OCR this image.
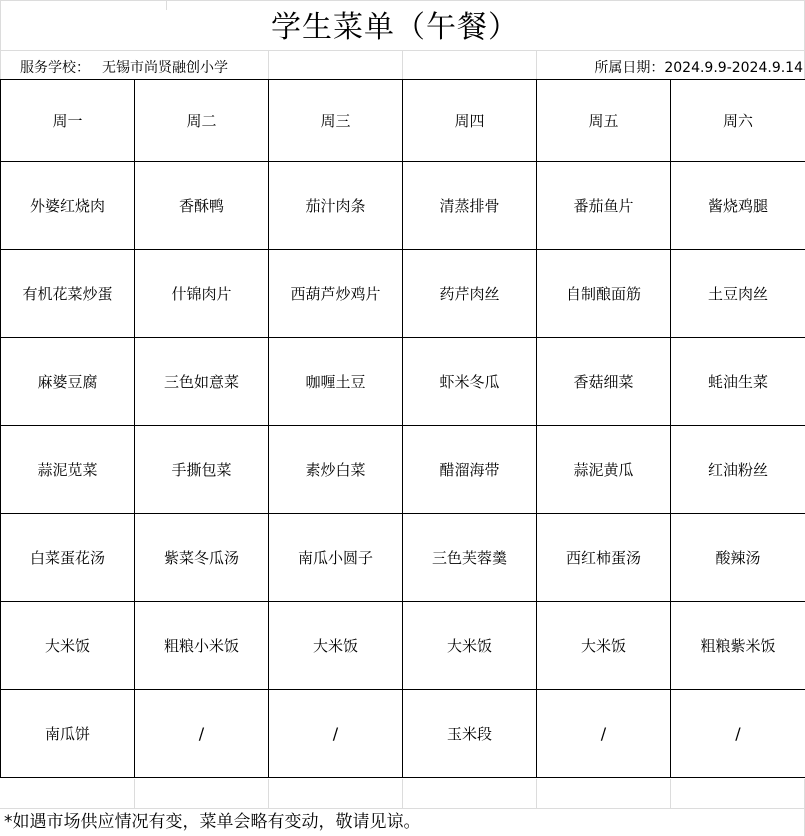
学生菜单（午餐）
服务学校： 无锡市尚贤融创小学	所属日期：2024.9.9-2024.9.14
周一	周二	周三	周四	周五	周六
外婆红烧肉	香酥鸭	茄汁肉条	清蒸排骨	番茄鱼片	酱烧鸡腿
有机花菜炒蛋	什锦肉片	西葫芦炒鸡片	药芹肉丝	自制酿面筋	土豆肉丝
麻婆豆腐	三色如意菜	咖喱土豆	虾米冬瓜	香菇细菜	蚝油生菜
蒜泥苋菜	手撕包菜	素炒白菜	醋溜海带	蒜泥黄瓜	红油粉丝
白菜蛋花汤	紫菜冬瓜汤	南瓜小圆子	三色芙蓉羹	西红柿蛋汤	酸辣汤
大米饭	粗粮小米饭	大米饭	大米饭	大米饭	粗粮紫米饭
南瓜饼	/	/	玉米段	/	/
*如遇市场供应情况有变，菜单会略有变动，敬请见谅。
